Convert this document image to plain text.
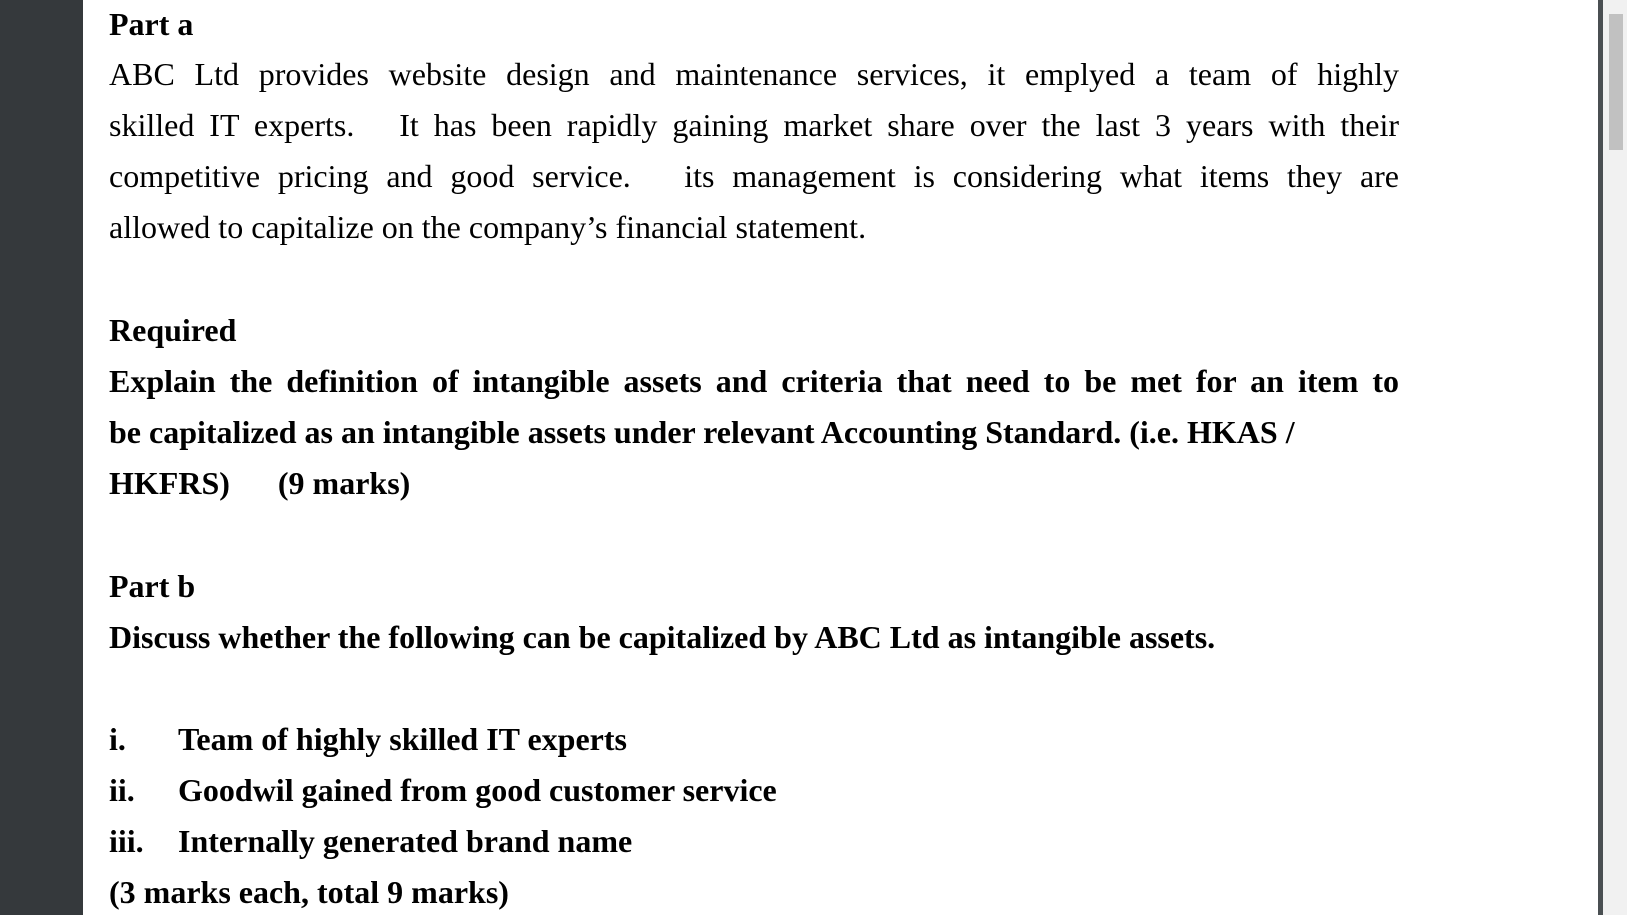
Part a
ABC Ltd provides website design and maintenance services, it emplyed a team of highly
skilled IT experts.   It has been rapidly gaining market share over the last 3 years with their
competitive pricing and good service.   its management is considering what items they are
allowed to capitalize on the company’s financial statement.
Required
Explain the definition of intangible assets and criteria that need to be met for an item to
be capitalized as an intangible assets under relevant Accounting Standard. (i.e. HKAS /
HKFRS)      (9 marks)
Part b
Discuss whether the following can be capitalized by ABC Ltd as intangible assets.
i. Team of highly skilled IT experts
ii. Goodwil gained from good customer service
iii. Internally generated brand name
(3 marks each, total 9 marks)
